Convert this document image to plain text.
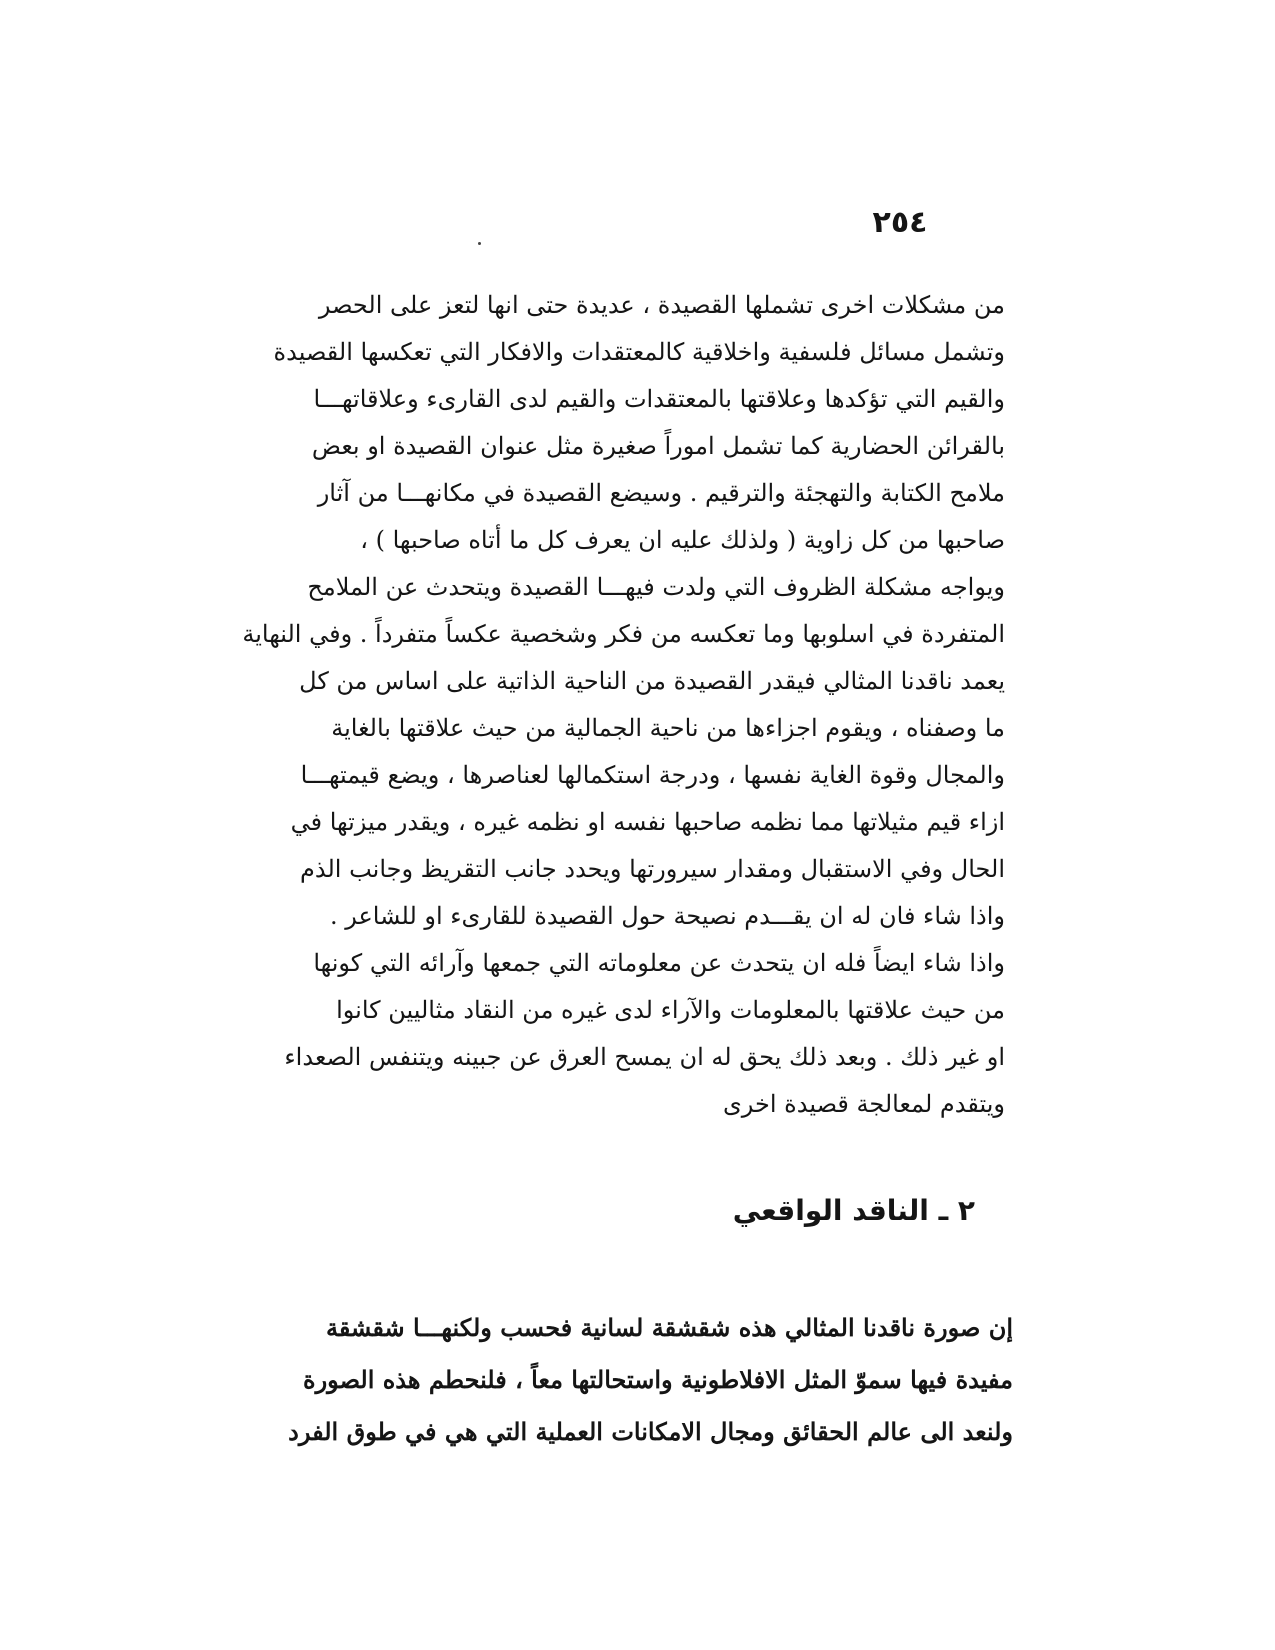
٢٥٤
من مشكلات اخرى تشملها القصيدة ، عديدة حتى انها لتعز على الحصر
وتشمل مسائل فلسفية واخلاقية كالمعتقدات والافكار التي تعكسها القصيدة
والقيم التي تؤكدها وعلاقتها بالمعتقدات والقيم لدى القارىء وعلاقاتهـــا
بالقرائن الحضارية كما تشمل اموراً صغيرة مثل عنوان القصيدة او بعض
ملامح الكتابة والتهجئة والترقيم . وسيضع القصيدة في مكانهـــا من آثار
صاحبها من كل زاوية ( ولذلك عليه ان يعرف كل ما أتاه صاحبها ) ،
ويواجه مشكلة الظروف التي ولدت فيهـــا القصيدة ويتحدث عن الملامح
المتفردة في اسلوبها وما تعكسه من فكر وشخصية عكساً متفرداً . وفي النهاية
يعمد ناقدنا المثالي فيقدر القصيدة من الناحية الذاتية على اساس من كل
ما وصفناه ، ويقوم اجزاءها من ناحية الجمالية من حيث علاقتها بالغاية
والمجال وقوة الغاية نفسها ، ودرجة استكمالها لعناصرها ، ويضع قيمتهـــا
ازاء قيم مثيلاتها مما نظمه صاحبها نفسه او نظمه غيره ، ويقدر ميزتها في
الحال وفي الاستقبال ومقدار سيرورتها ويحدد جانب التقريظ وجانب الذم
واذا شاء فان له ان يقـــدم نصيحة حول القصيدة للقارىء او للشاعر .
واذا شاء ايضاً فله ان يتحدث عن معلوماته التي جمعها وآرائه التي كونها
من حيث علاقتها بالمعلومات والآراء لدى غيره من النقاد مثاليين كانوا
او غير ذلك . وبعد ذلك يحق له ان يمسح العرق عن جبينه ويتنفس الصعداء
ويتقدم لمعالجة قصيدة اخرى
٢ ـ الناقد الواقعي
إن صورة ناقدنا المثالي هذه شقشقة لسانية فحسب ولكنهـــا شقشقة
مفيدة فيها سموّ المثل الافلاطونية واستحالتها معاً ، فلنحطم هذه الصورة
ولنعد الى عالم الحقائق ومجال الامكانات العملية التي هي في طوق الفرد
